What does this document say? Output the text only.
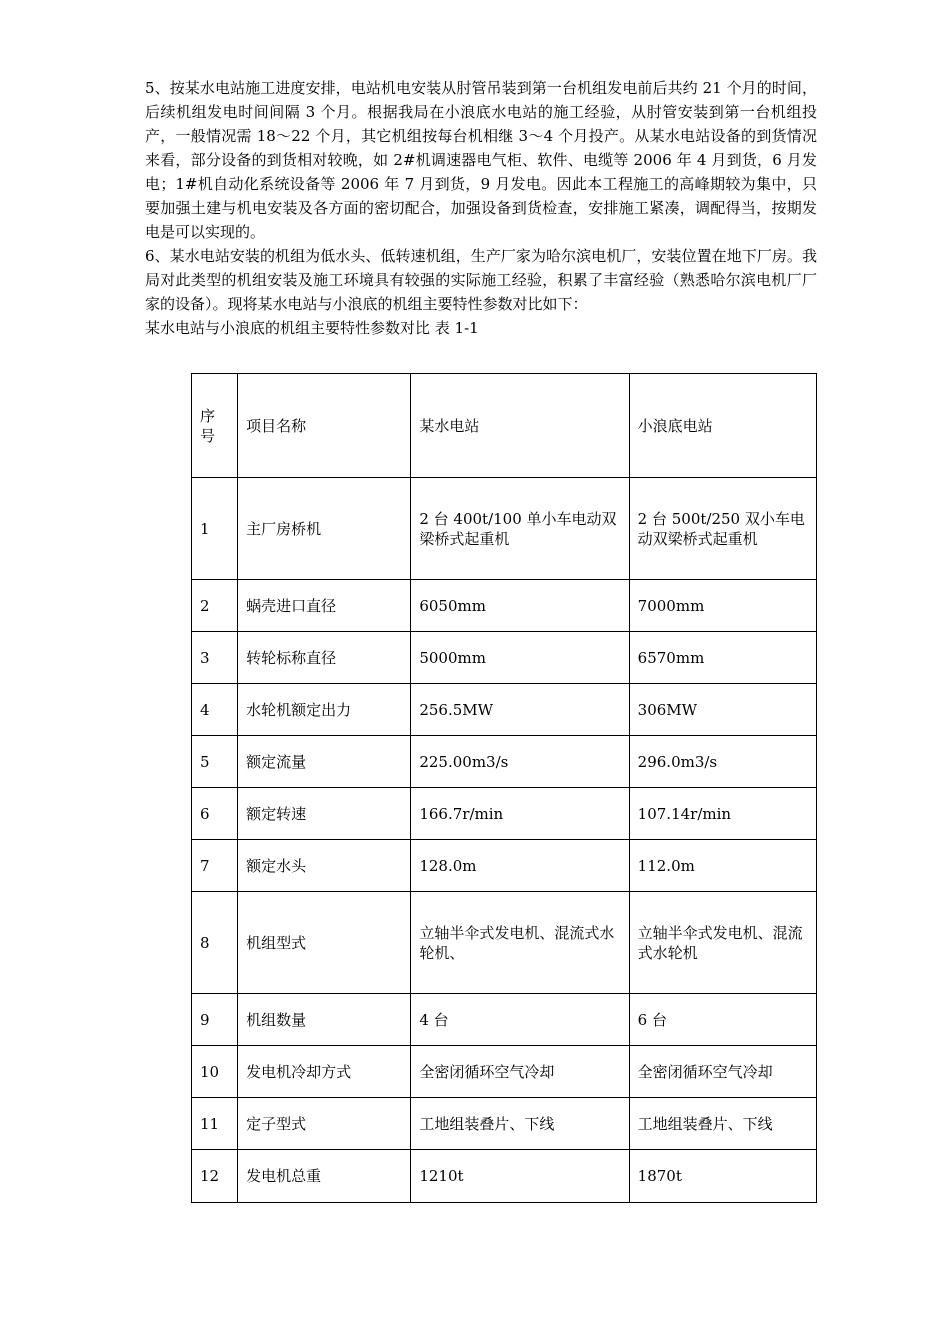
5、按某水电站施工进度安排，电站机电安装从肘管吊装到第一台机组发电前后共约 21 个月的时间，后续机组发电时间间隔 3 个月。根据我局在小浪底水电站的施工经验，从肘管安装到第一台机组投产，一般情况需 18～22 个月，其它机组按每台机相继 3～4 个月投产。从某水电站设备的到货情况来看，部分设备的到货相对较晚，如 2#机调速器电气柜、软件、电缆等 2006 年 4 月到货，6 月发电；1#机自动化系统设备等 2006 年 7 月到货，9 月发电。因此本工程施工的高峰期较为集中，只要加强土建与机电安装及各方面的密切配合，加强设备到货检查，安排施工紧凑，调配得当，按期发电是可以实现的。

6、某水电站安装的机组为低水头、低转速机组，生产厂家为哈尔滨电机厂，安装位置在地下厂房。我局对此类型的机组安装及施工环境具有较强的实际施工经验，积累了丰富经验（熟悉哈尔滨电机厂厂家的设备）。现将某水电站与小浪底的机组主要特性参数对比如下：

某水电站与小浪底的机组主要特性参数对比 表 1-1

序号	项目名称	某水电站	小浪底电站
1	主厂房桥机	2 台 400t/100 单小车电动双梁桥式起重机	2 台 500t/250 双小车电动双梁桥式起重机
2	蜗壳进口直径	6050mm	7000mm
3	转轮标称直径	5000mm	6570mm
4	水轮机额定出力	256.5MW	306MW
5	额定流量	225.00m3/s	296.0m3/s
6	额定转速	166.7r/min	107.14r/min
7	额定水头	128.0m	112.0m
8	机组型式	立轴半伞式发电机、混流式水轮机、	立轴半伞式发电机、混流式水轮机
9	机组数量	4 台	6 台
10	发电机冷却方式	全密闭循环空气冷却	全密闭循环空气冷却
11	定子型式	工地组装叠片、下线	工地组装叠片、下线
12	发电机总重	1210t	1870t
